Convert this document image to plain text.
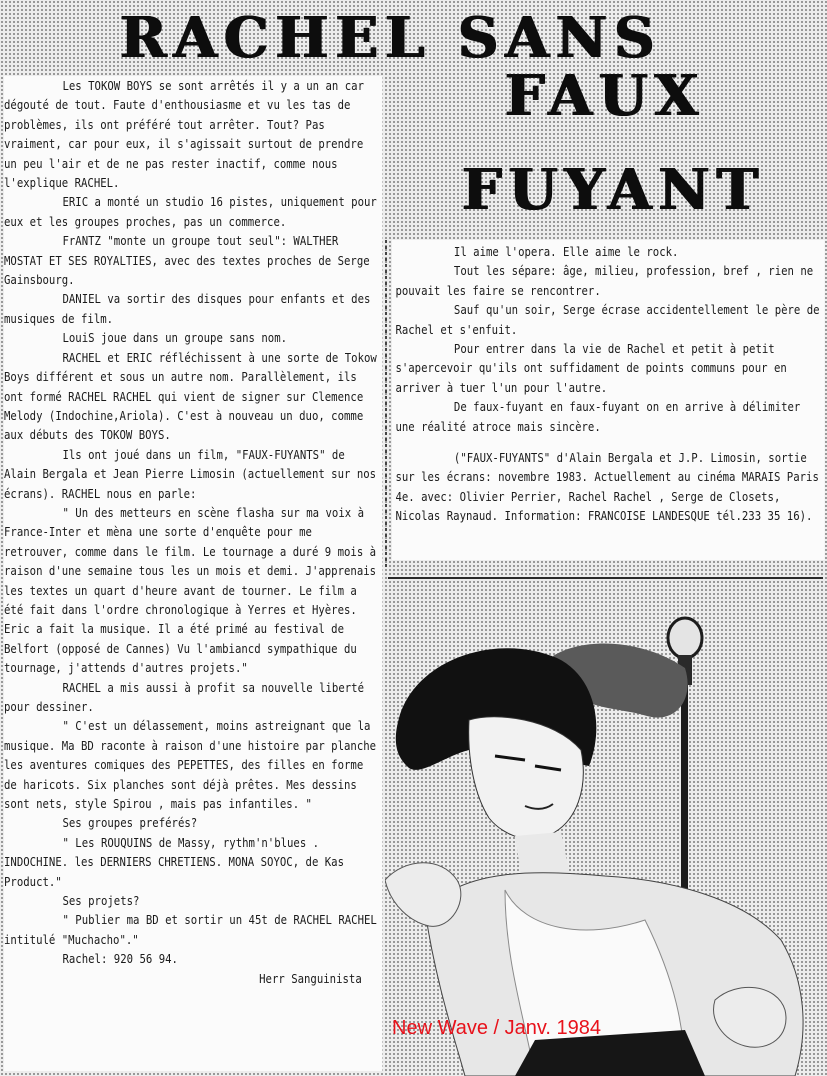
RACHEL SANS
FAUX
FUYANT

Les TOKOW BOYS se sont arrêtés il y a un an car dégouté de tout. Faute d'enthousiasme et vu les tas de problèmes, ils ont préféré tout arrêter. Tout? Pas vraiment, car pour eux, il s'agissait surtout de prendre un peu l'air et de ne pas rester inactif, comme nous l'explique RACHEL.

ERIC a monté un studio 16 pistes, uniquement pour eux et les groupes proches, pas un commerce.

FrANTZ "monte un groupe tout seul": WALTHER MOSTAT ET SES ROYALTIES, avec des textes proches de Serge Gainsbourg.

DANIEL va sortir des disques pour enfants et des musiques de film.

LouiS joue dans un groupe sans nom.

RACHEL et ERIC réfléchissent à une sorte de Tokow Boys différent et sous un autre nom. Parallèlement, ils ont formé RACHEL RACHEL qui vient de signer sur Clemence Melody (Indochine,Ariola). C'est à nouveau un duo, comme aux débuts des TOKOW BOYS.

Ils ont joué dans un film, "FAUX-FUYANTS" de Alain Bergala et Jean Pierre Limosin (actuellement sur nos écrans). RACHEL nous en parle:

" Un des metteurs en scène flasha sur ma voix à France-Inter et mèna une sorte d'enquête pour me retrouver, comme dans le film. Le tournage a duré 9 mois à raison d'une semaine tous les un mois et demi. J'apprenais les textes un quart d'heure avant de tourner. Le film a été fait dans l'ordre chronologique à Yerres et Hyères. Eric a fait la musique. Il a été primé au festival de Belfort (opposé de Cannes) Vu l'ambiancd sympathique du tournage, j'attends d'autres projets."

RACHEL a mis aussi à profit sa nouvelle liberté pour dessiner.

" C'est un délassement, moins astreignant que la musique. Ma BD raconte à raison d'une histoire par planche les aventures comiques des PEPETTES, des filles en forme de haricots. Six planches sont déjà prêtes. Mes dessins sont nets, style Spirou , mais pas infantiles. "

Ses groupes preférés?

" Les ROUQUINS de Massy, rythm'n'blues . INDOCHINE. les DERNIERS CHRETIENS. MONA SOYOC, de Kas Product."

Ses projets?

" Publier ma BD et sortir un 45t de RACHEL RACHEL intitulé "Muchacho"."

Rachel: 920 56 94.

Herr Sanguinista

Il aime l'opera. Elle aime le rock.

Tout les sépare: âge, milieu, profession, bref , rien ne pouvait les faire se rencontrer.

Sauf qu'un soir, Serge écrase accidentellement le père de Rachel et s'enfuit.

Pour entrer dans la vie de Rachel et petit à petit s'apercevoir qu'ils ont suffidament de points communs pour en arriver à tuer l'un pour l'autre.

De faux-fuyant en faux-fuyant on en arrive à délimiter une réalité atroce mais sincère.

("FAUX-FUYANTS" d'Alain Bergala et J.P. Limosin, sortie sur les écrans: novembre 1983. Actuellement au cinéma MARAIS Paris 4e. avec: Olivier Perrier, Rachel Rachel , Serge de Closets, Nicolas Raynaud. Information: FRANCOISE LANDESQUE tél.233 35 16).

New Wave / Janv. 1984
